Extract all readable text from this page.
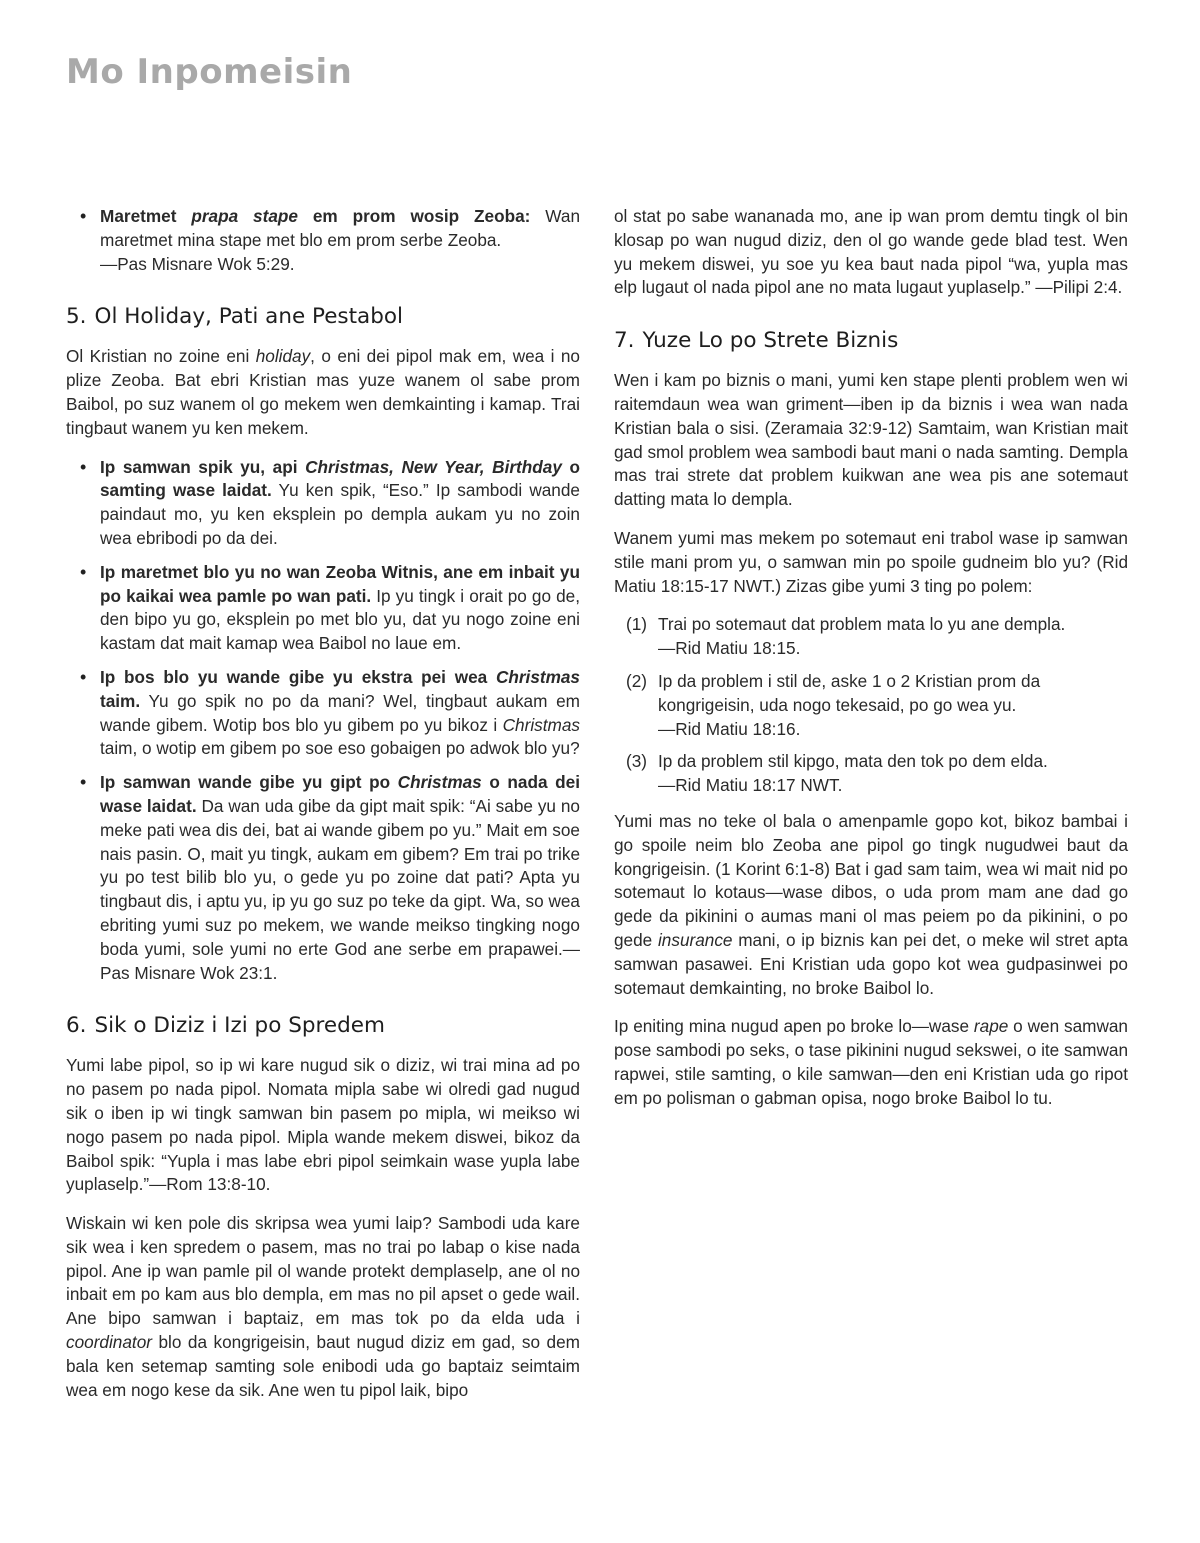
Mo Inpomeisin
• Maretmet prapa stape em prom wosip Zeoba: Wan maretmet mina stape met blo em prom serbe Zeoba.
—Pas Misnare Wok 5:29.
5. Ol Holiday, Pati ane Pestabol

Ol Kristian no zoine eni holiday, o eni dei pipol mak em, wea i no plize Zeoba. Bat ebri Kristian mas yuze wanem ol sabe prom Baibol, po suz wanem ol go mekem wen demkainting i kamap. Trai tingbaut wanem yu ken mekem.

• Ip samwan spik yu, api Christmas, New Year, Birthday o samting wase laidat. Yu ken spik, “Eso.” Ip sambodi wande paindaut mo, yu ken eksplein po dempla aukam yu no zoin wea ebribodi po da dei.
• Ip maretmet blo yu no wan Zeoba Witnis, ane em inbait yu po kaikai wea pamle po wan pati. Ip yu tingk i orait po go de, den bipo yu go, eksplein po met blo yu, dat yu nogo zoine eni kastam dat mait kamap wea Baibol no laue em.
• Ip bos blo yu wande gibe yu ekstra pei wea Christmas taim. Yu go spik no po da mani? Wel, tingbaut aukam em wande gibem. Wotip bos blo yu gibem po yu bikoz i Christmas taim, o wotip em gibem po soe eso gobaigen po adwok blo yu?
• Ip samwan wande gibe yu gipt po Christmas o nada dei wase laidat. Da wan uda gibe da gipt mait spik: “Ai sabe yu no meke pati wea dis dei, bat ai wande gibem po yu.” Mait em soe nais pasin. O, mait yu tingk, aukam em gibem? Em trai po trike yu po test bilib blo yu, o gede yu po zoine dat pati? Apta yu tingbaut dis, i aptu yu, ip yu go suz po teke da gipt. Wa, so wea ebriting yumi suz po mekem, we wande meikso tingking nogo boda yumi, sole yumi no erte God ane serbe em prapawei.—Pas Misnare Wok 23:1.
6. Sik o Diziz i Izi po Spredem

Yumi labe pipol, so ip wi kare nugud sik o diziz, wi trai mina ad po no pasem po nada pipol. Nomata mipla sabe wi olredi gad nugud sik o iben ip wi tingk samwan bin pasem po mipla, wi meikso wi nogo pasem po nada pipol. Mipla wande mekem diswei, bikoz da Baibol spik: “Yupla i mas labe ebri pipol seimkain wase yupla labe yuplaselp.”—Rom 13:8-10.

Wiskain wi ken pole dis skripsa wea yumi laip? Sambodi uda kare sik wea i ken spredem o pasem, mas no trai po labap o kise nada pipol. Ane ip wan pamle pil ol wande protekt demplaselp, ane ol no inbait em po kam aus blo dempla, em mas no pil apset o gede wail. Ane bipo samwan i baptaiz, em mas tok po da elda uda i coordinator blo da kongrigeisin, baut nugud diziz em gad, so dem bala ken setemap samting sole enibodi uda go baptaiz seimtaim wea em nogo kese da sik. Ane wen tu pipol laik, bipo

ol stat po sabe wananada mo, ane ip wan prom demtu tingk ol bin klosap po wan nugud diziz, den ol go wande gede blad test. Wen yu mekem diswei, yu soe yu kea baut nada pipol “wa, yupla mas elp lugaut ol nada pipol ane no mata lugaut yuplaselp.” —Pilipi 2:4.

7. Yuze Lo po Strete Biznis

Wen i kam po biznis o mani, yumi ken stape plenti problem wen wi raitemdaun wea wan griment—iben ip da biznis i wea wan nada Kristian bala o sisi. (Zeramaia 32:9-12) Samtaim, wan Kristian mait gad smol problem wea sambodi baut mani o nada samting. Dempla mas trai strete dat problem kuikwan ane wea pis ane sotemaut datting mata lo dempla.

Wanem yumi mas mekem po sotemaut eni trabol wase ip samwan stile mani prom yu, o samwan min po spoile gudneim blo yu? (Rid Matiu 18:15-17 NWT.) Zizas gibe yumi 3 ting po polem:

(1) Trai po sotemaut dat problem mata lo yu ane dempla.
—Rid Matiu 18:15.
(2) Ip da problem i stil de, aske 1 o 2 Kristian prom da kongrigeisin, uda nogo tekesaid, po go wea yu.
—Rid Matiu 18:16.
(3) Ip da problem stil kipgo, mata den tok po dem elda.
—Rid Matiu 18:17 NWT.

Yumi mas no teke ol bala o amenpamle gopo kot, bikoz bambai i go spoile neim blo Zeoba ane pipol go tingk nugudwei baut da kongrigeisin. (1 Korint 6:1-8) Bat i gad sam taim, wea wi mait nid po sotemaut lo kotaus—wase dibos, o uda prom mam ane dad go gede da pikinini o aumas mani ol mas peiem po da pikinini, o po gede insurance mani, o ip biznis kan pei det, o meke wil stret apta samwan pasawei. Eni Kristian uda gopo kot wea gudpasinwei po sotemaut demkainting, no broke Baibol lo.

Ip eniting mina nugud apen po broke lo—wase rape o wen samwan pose sambodi po seks, o tase pikinini nugud sekswei, o ite samwan rapwei, stile samting, o kile samwan—den eni Kristian uda go ripot em po polisman o gabman opisa, nogo broke Baibol lo tu.
